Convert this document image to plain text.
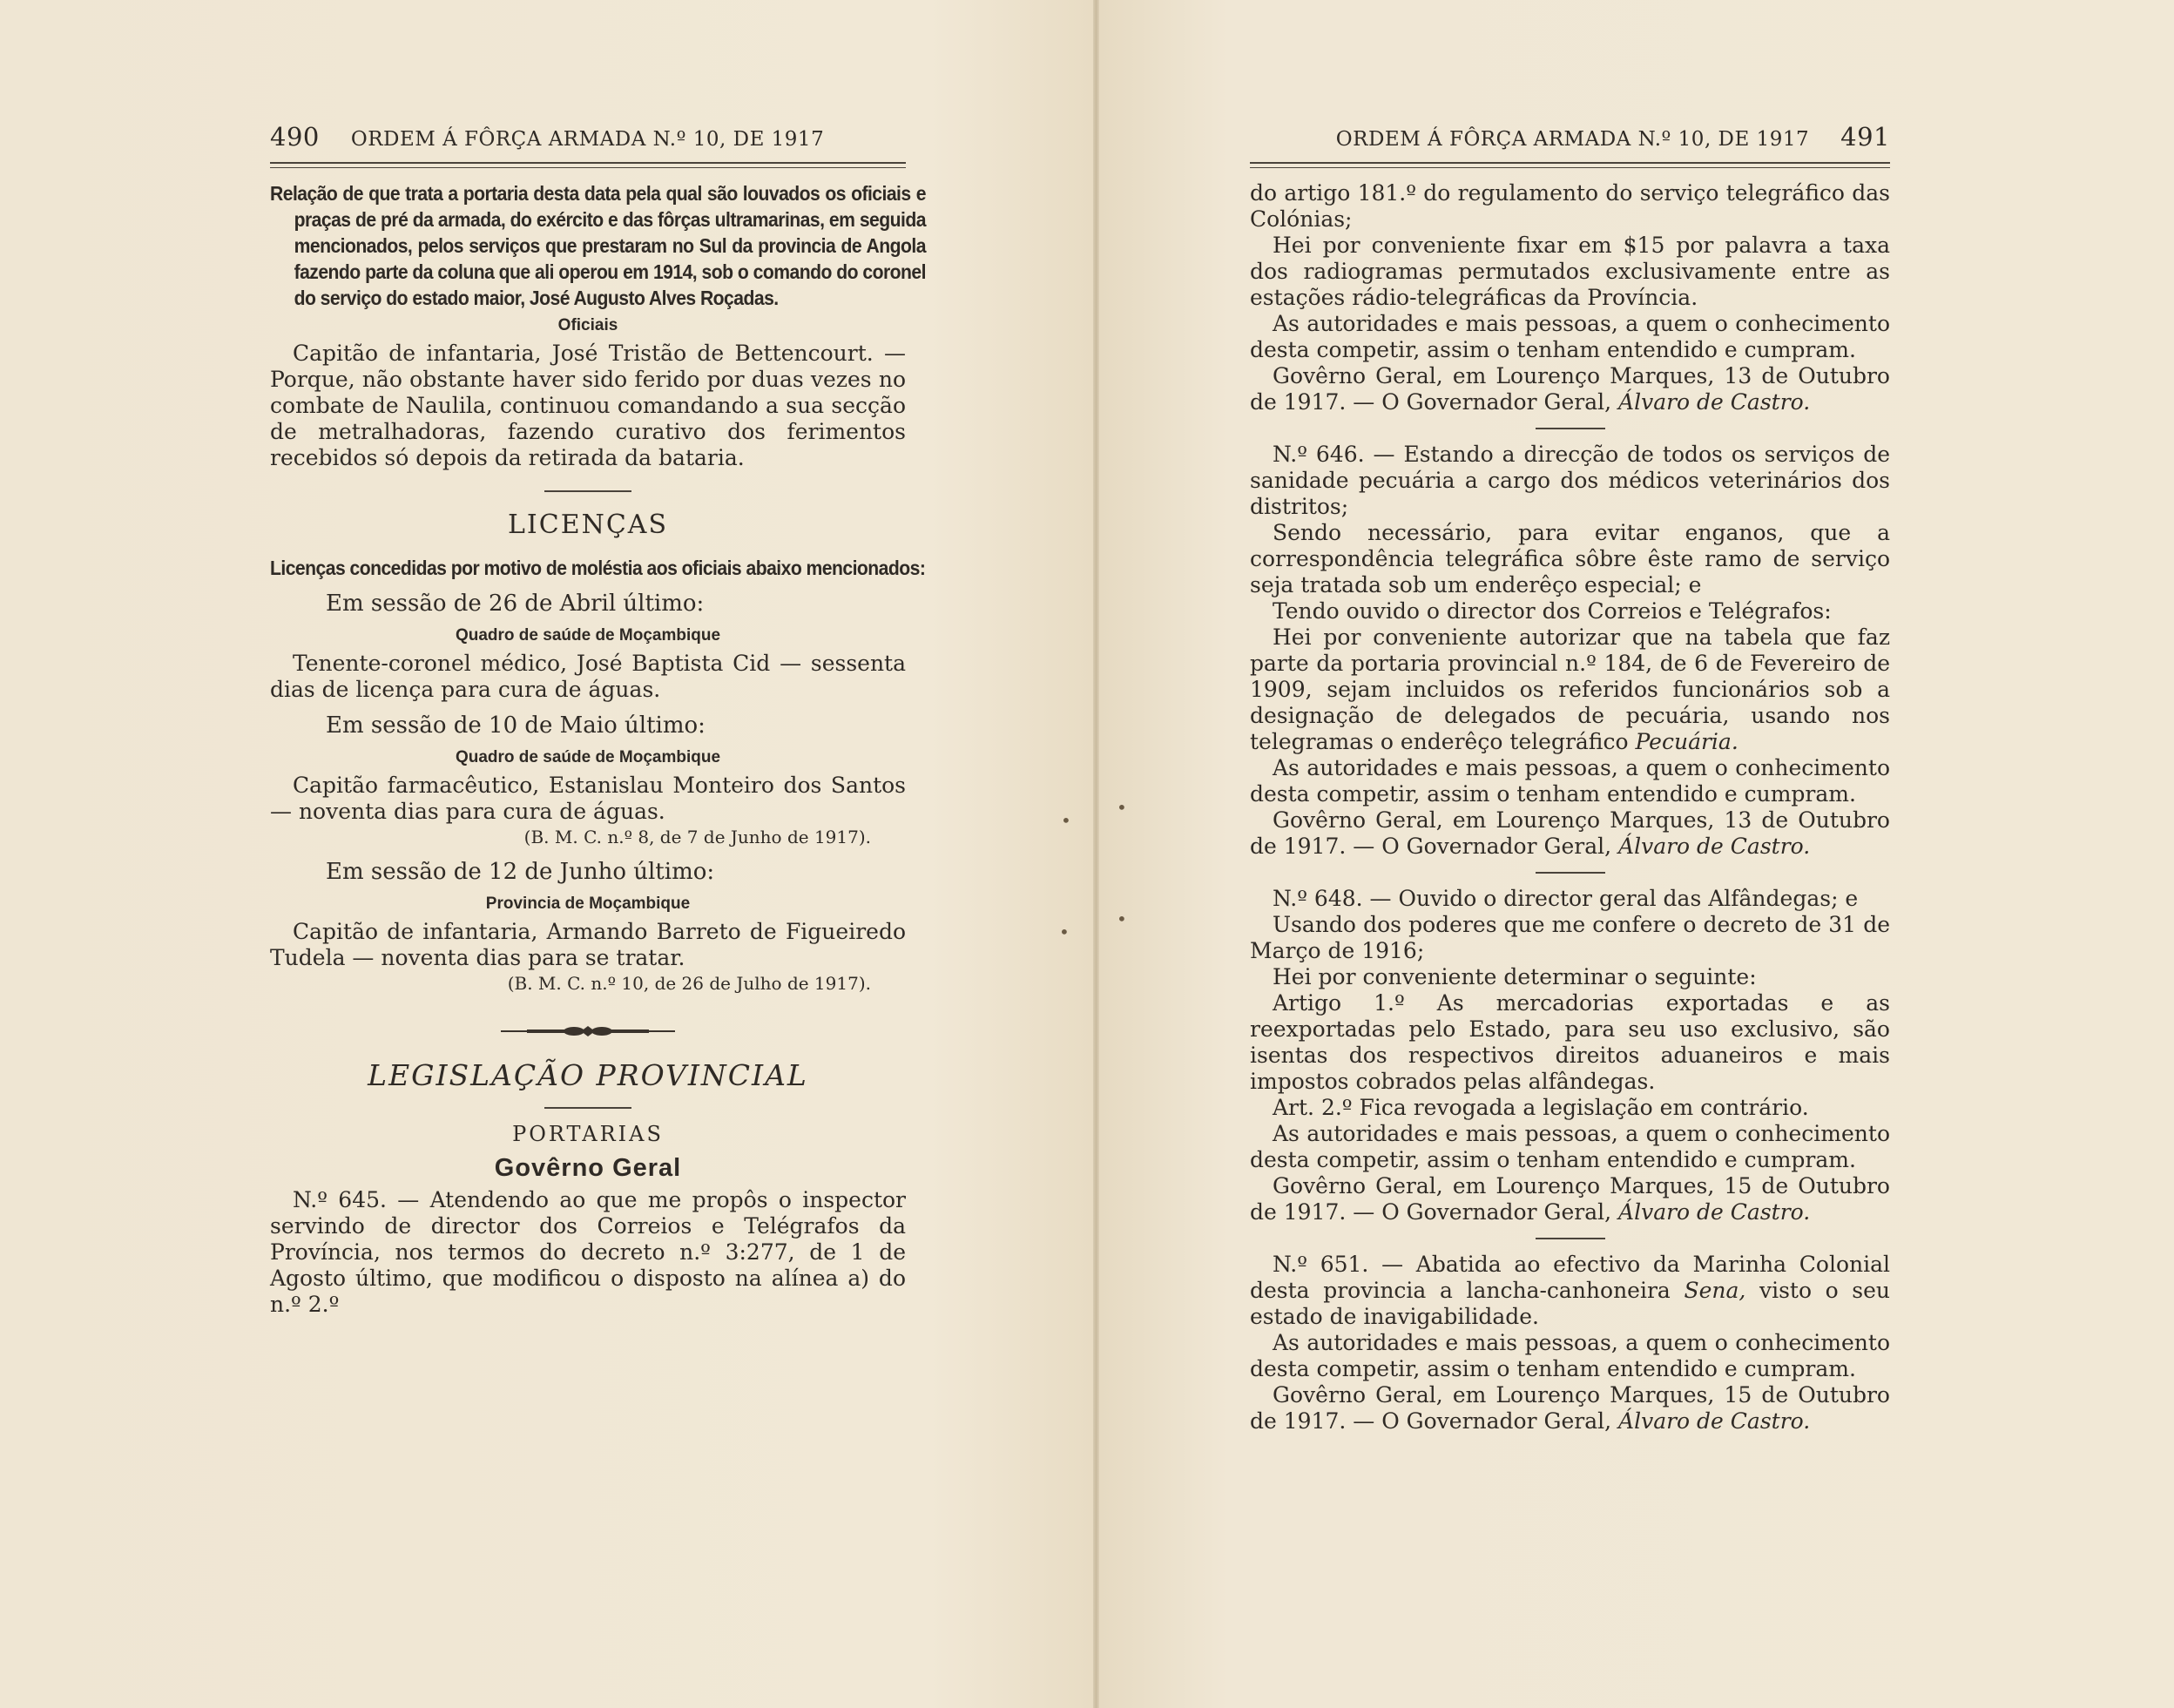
490 ORDEM Á FÔRÇA ARMADA N.º 10, DE 1917

Relação de que trata a portaria desta data pela qual são louvados os oficiais e praças de pré da armada, do exército e das fôrças ultramarinas, em seguida mencionados, pelos serviços que prestaram no Sul da provincia de Angola fazendo parte da coluna que ali operou em 1914, sob o comando do coronel do serviço do estado maior, José Augusto Alves Roçadas.

Oficiais

Capitão de infantaria, José Tristão de Bettencourt. — Porque, não obstante haver sido ferido por duas vezes no combate de Naulila, continuou comandando a sua secção de metralhadoras, fazendo curativo dos ferimentos recebidos só depois da retirada da bataria.

LICENÇAS

Licenças concedidas por motivo de moléstia aos oficiais abaixo mencionados:

Em sessão de 26 de Abril último:
Quadro de saúde de Moçambique

Tenente-coronel médico, José Baptista Cid — sessenta dias de licença para cura de águas.

Em sessão de 10 de Maio último:
Quadro de saúde de Moçambique

Capitão farmacêutico, Estanislau Monteiro dos Santos — noventa dias para cura de águas.

(B. M. C. n.º 8, de 7 de Junho de 1917).
Em sessão de 12 de Junho último:
Provincia de Moçambique

Capitão de infantaria, Armando Barreto de Figueiredo Tudela — noventa dias para se tratar.

(B. M. C. n.º 10, de 26 de Julho de 1917).
LEGISLAÇÃO PROVINCIAL
PORTARIAS
Govêrno Geral

N.º 645. — Atendendo ao que me propôs o inspector servindo de director dos Correios e Telégrafos da Província, nos termos do decreto n.º 3:277, de 1 de Agosto último, que modificou o disposto na alínea a) do n.º 2.º

ORDEM Á FÔRÇA ARMADA N.º 10, DE 1917 491

do artigo 181.º do regulamento do serviço telegráfico das Colónias;

Hei por conveniente fixar em $15 por palavra a taxa dos radiogramas permutados exclusivamente entre as estações rádio-telegráficas da Província.

As autoridades e mais pessoas, a quem o conhecimento desta competir, assim o tenham entendido e cumpram.

Govêrno Geral, em Lourenço Marques, 13 de Outubro de 1917. — O Governador Geral, Álvaro de Castro.

N.º 646. — Estando a direcção de todos os serviços de sanidade pecuária a cargo dos médicos veterinários dos distritos;

Sendo necessário, para evitar enganos, que a correspondência telegráfica sôbre êste ramo de serviço seja tratada sob um enderêço especial; e

Tendo ouvido o director dos Correios e Telégrafos:

Hei por conveniente autorizar que na tabela que faz parte da portaria provincial n.º 184, de 6 de Fevereiro de 1909, sejam incluidos os referidos funcionários sob a designação de delegados de pecuária, usando nos telegramas o enderêço telegráfico Pecuária.

As autoridades e mais pessoas, a quem o conhecimento desta competir, assim o tenham entendido e cumpram.

Govêrno Geral, em Lourenço Marques, 13 de Outubro de 1917. — O Governador Geral, Álvaro de Castro.

N.º 648. — Ouvido o director geral das Alfândegas; e

Usando dos poderes que me confere o decreto de 31 de Março de 1916;

Hei por conveniente determinar o seguinte:

Artigo 1.º As mercadorias exportadas e as reexportadas pelo Estado, para seu uso exclusivo, são isentas dos respectivos direitos aduaneiros e mais impostos cobrados pelas alfândegas.

Art. 2.º Fica revogada a legislação em contrário.

As autoridades e mais pessoas, a quem o conhecimento desta competir, assim o tenham entendido e cumpram.

Govêrno Geral, em Lourenço Marques, 15 de Outubro de 1917. — O Governador Geral, Álvaro de Castro.

N.º 651. — Abatida ao efectivo da Marinha Colonial desta provincia a lancha-canhoneira Sena, visto o seu estado de inavigabilidade.

As autoridades e mais pessoas, a quem o conhecimento desta competir, assim o tenham entendido e cumpram.

Govêrno Geral, em Lourenço Marques, 15 de Outubro de 1917. — O Governador Geral, Álvaro de Castro.

•
•
•
•
